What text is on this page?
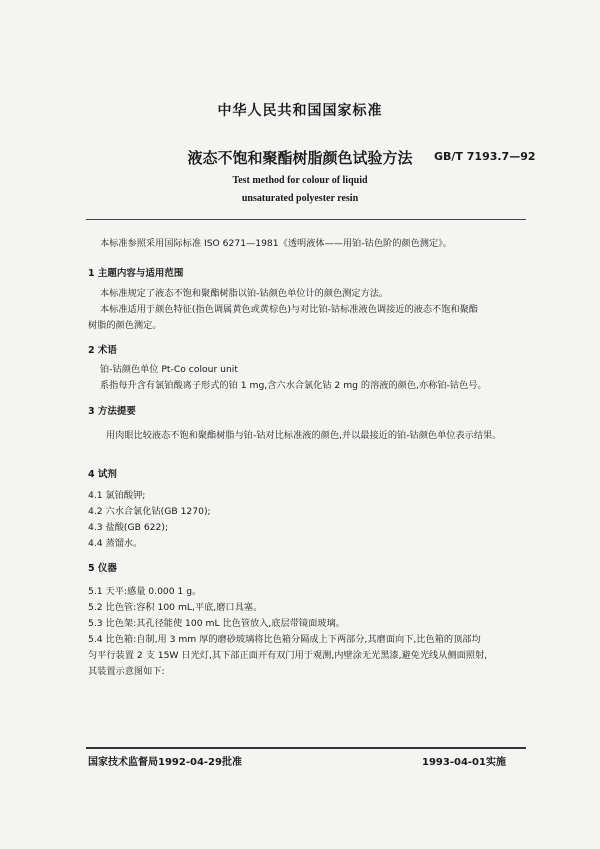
中华人民共和国国家标准
液态不饱和聚酯树脂颜色试验方法	GB/T 7193.7—92
Test method for colour of liquid
unsaturated polyester resin
本标准参照采用国际标准 ISO 6271—1981《透明液体——用铂-钴色阶的颜色测定》。
1 主题内容与适用范围
本标准规定了液态不饱和聚酯树脂以铂-钴颜色单位计的颜色测定方法。
本标准适用于颜色特征(指色调属黄色或黄棕色)与对比铂-钴标准液色调接近的液态不饱和聚酯
树脂的颜色测定。
2 术语
铂-钴颜色单位 Pt-Co colour unit
系指每升含有氯铂酸离子形式的铂 1 mg,含六水合氯化钴 2 mg 的溶液的颜色,亦称铂-钴色号。
3 方法提要
用肉眼比较液态不饱和聚酯树脂与铂-钴对比标准液的颜色,并以最接近的铂-钴颜色单位表示结果。
4 试剂
4.1 氯铂酸钾;
4.2 六水合氯化钴(GB 1270);
4.3 盐酸(GB 622);
4.4 蒸馏水。
5 仪器
5.1 天平:感量 0.000 1 g。
5.2 比色管:容积 100 mL,平底,磨口具塞。
5.3 比色架:其孔径能使 100 mL 比色管放入,底层带镜面玻璃。
5.4 比色箱:自制,用 3 mm 厚的磨砂玻璃将比色箱分隔成上下两部分,其磨面向下,比色箱的顶部均
匀平行装置 2 支 15W 日光灯,其下部正面开有双门用于观测,内壁涂无光黑漆,避免光线从侧面照射,
其装置示意图如下:
国家技术监督局1992-04-29批准	1993-04-01实施
